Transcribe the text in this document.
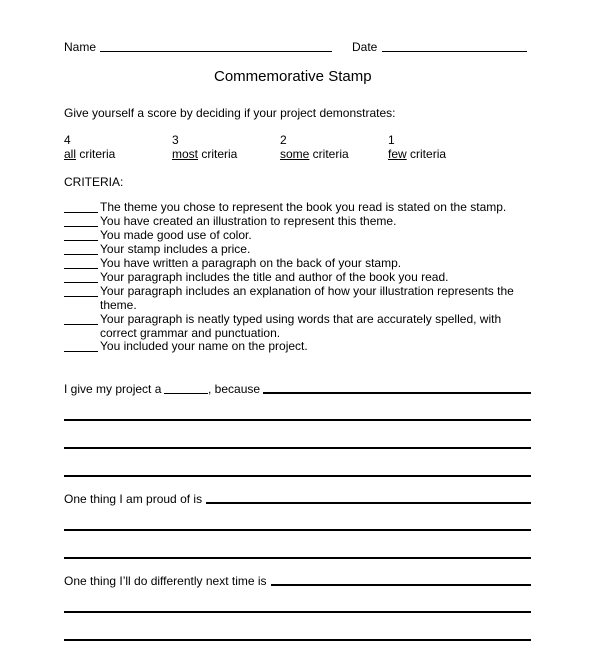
Name	Date
Commemorative Stamp
Give yourself a score by deciding if your project demonstrates:
4
all criteria
3
most criteria
2
some criteria
1
few criteria
CRITERIA:
The theme you chose to represent the book you read is stated on the stamp.
You have created an illustration to represent this theme.
You made good use of color.
Your stamp includes a price.
You have written a paragraph on the back of your stamp.
Your paragraph includes the title and author of the book you read.
Your paragraph includes an explanation of how your illustration represents the theme.
Your paragraph is neatly typed using words that are accurately spelled, with correct grammar and punctuation.
You included your name on the project.
I give my project a	, because
One thing I am proud of is
One thing I’ll do differently next time is
